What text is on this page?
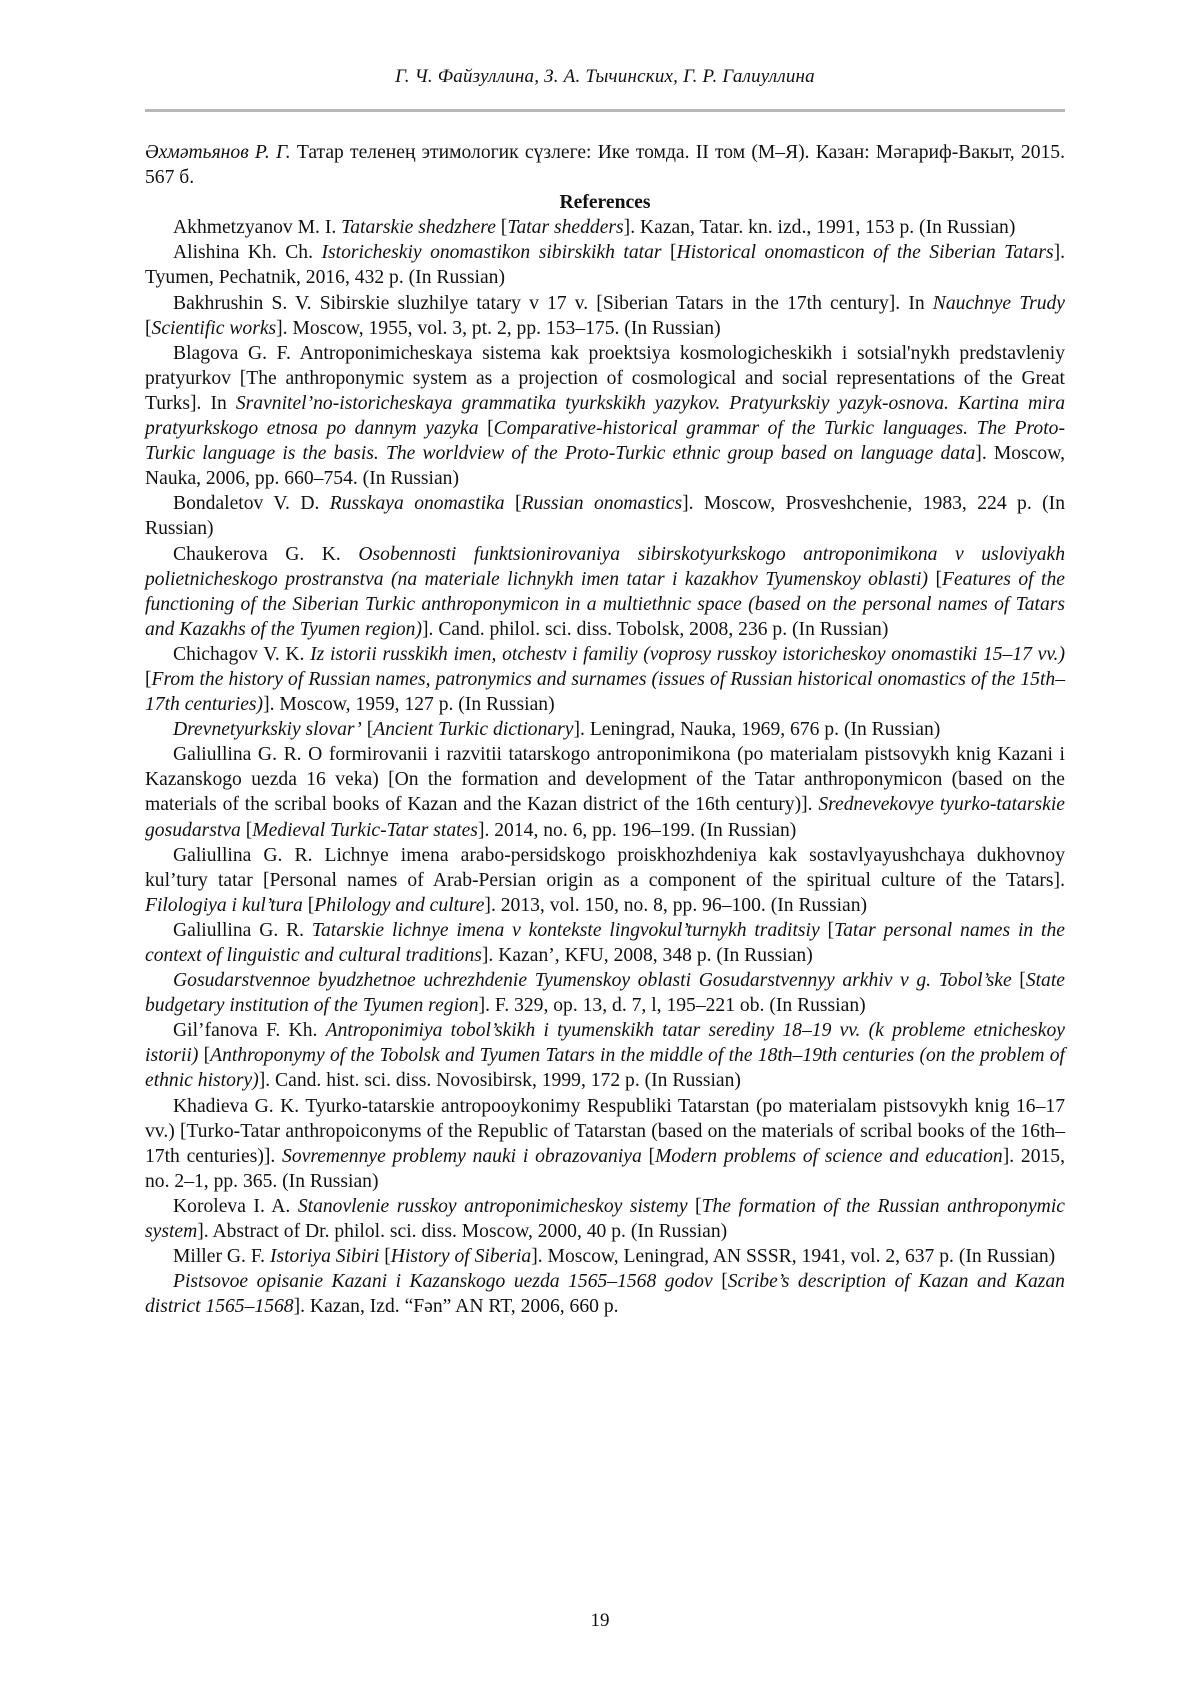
Г. Ч. Файзуллина, З. А. Тычинских, Г. Р. Галиуллина

Әхмәтьянов Р. Г. Татар теленең этимологик сүзлеге: Ике томда. II том (М–Я). Казан: Мәгариф-Вакыт, 2015. 567 б.

References

Akhmetzyanov M. I. Tatarskie shedzhere [Tatar shedders]. Kazan, Tatar. kn. izd., 1991, 153 p. (In Russian)

Alishina Kh. Ch. Istoricheskiy onomastikon sibirskikh tatar [Historical onomasticon of the Siberian Tatars]. Tyumen, Pechatnik, 2016, 432 p. (In Russian)

Bakhrushin S. V. Sibirskie sluzhilye tatary v 17 v. [Siberian Tatars in the 17th century]. In Nauchnye Trudy [Scientific works]. Moscow, 1955, vol. 3, pt. 2, pp. 153–175. (In Russian)

Blagova G. F. Antroponimicheskaya sistema kak proektsiya kosmologicheskikh i sotsial'nykh predstavleniy pratyurkov [The anthroponymic system as a projection of cosmological and social representations of the Great Turks]. In Sravnitel’no-istoricheskaya grammatika tyurkskikh yazykov. Pratyurkskiy yazyk-osnova. Kartina mira pratyurkskogo etnosa po dannym yazyka [Comparative-historical grammar of the Turkic languages. The Proto-Turkic language is the basis. The worldview of the Proto-Turkic ethnic group based on language data]. Moscow, Nauka, 2006, pp. 660–754. (In Russian)

Bondaletov V. D. Russkaya onomastika [Russian onomastics]. Moscow, Prosveshchenie, 1983, 224 p. (In Russian)

Chaukerova G. K. Osobennosti funktsionirovaniya sibirskotyurkskogo antroponimikona v usloviyakh polietnicheskogo prostranstva (na materiale lichnykh imen tatar i kazakhov Tyumenskoy oblasti) [Features of the functioning of the Siberian Turkic anthroponymicon in a multiethnic space (based on the personal names of Tatars and Kazakhs of the Tyumen region)]. Cand. philol. sci. diss. Tobolsk, 2008, 236 p. (In Russian)

Chichagov V. K. Iz istorii russkikh imen, otchestv i familiy (voprosy russkoy istoricheskoy onomastiki 15–17 vv.) [From the history of Russian names, patronymics and surnames (issues of Russian historical onomastics of the 15th–17th centuries)]. Moscow, 1959, 127 p. (In Russian)

Drevnetyurkskiy slovar’ [Ancient Turkic dictionary]. Leningrad, Nauka, 1969, 676 p. (In Russian)

Galiullina G. R. O formirovanii i razvitii tatarskogo antroponimikona (po materialam pistsovykh knig Kazani i Kazanskogo uezda 16 veka) [On the formation and development of the Tatar anthroponymicon (based on the materials of the scribal books of Kazan and the Kazan district of the 16th century)]. Srednevekovye tyurko-tatarskie gosudarstva [Medieval Turkic-Tatar states]. 2014, no. 6, pp. 196–199. (In Russian)

Galiullina G. R. Lichnye imena arabo-persidskogo proiskhozhdeniya kak sostavlyayushchaya dukhovnoy kul’tury tatar [Personal names of Arab-Persian origin as a component of the spiritual culture of the Tatars]. Filologiya i kul’tura [Philology and culture]. 2013, vol. 150, no. 8, pp. 96–100. (In Russian)

Galiullina G. R. Tatarskie lichnye imena v kontekste lingvokul’turnykh traditsiy [Tatar personal names in the context of linguistic and cultural traditions]. Kazan’, KFU, 2008, 348 p. (In Russian)

Gosudarstvennoe byudzhetnoe uchrezhdenie Tyumenskoy oblasti Gosudarstvennyy arkhiv v g. Tobol’ske [State budgetary institution of the Tyumen region]. F. 329, op. 13, d. 7, l, 195–221 ob. (In Russian)

Gil’fanova F. Kh. Antroponimiya tobol’skikh i tyumenskikh tatar serediny 18–19 vv. (k probleme etnicheskoy istorii) [Anthroponymy of the Tobolsk and Tyumen Tatars in the middle of the 18th–19th centuries (on the problem of ethnic history)]. Cand. hist. sci. diss. Novosibirsk, 1999, 172 p. (In Russian)

Khadieva G. K. Tyurko-tatarskie antropooykonimy Respubliki Tatarstan (po materialam pistsovykh knig 16–17 vv.) [Turko-Tatar anthropoiconyms of the Republic of Tatarstan (based on the materials of scribal books of the 16th–17th centuries)]. Sovremennye problemy nauki i obrazovaniya [Modern problems of science and education]. 2015, no. 2–1, pp. 365. (In Russian)

Koroleva I. A. Stanovlenie russkoy antroponimicheskoy sistemy [The formation of the Russian anthroponymic system]. Abstract of Dr. philol. sci. diss. Moscow, 2000, 40 p. (In Russian)

Miller G. F. Istoriya Sibiri [History of Siberia]. Moscow, Leningrad, AN SSSR, 1941, vol. 2, 637 p. (In Russian)

Pistsovoe opisanie Kazani i Kazanskogo uezda 1565–1568 godov [Scribe’s description of Kazan and Kazan district 1565–1568]. Kazan, Izd. “Fən” AN RT, 2006, 660 p.

19
